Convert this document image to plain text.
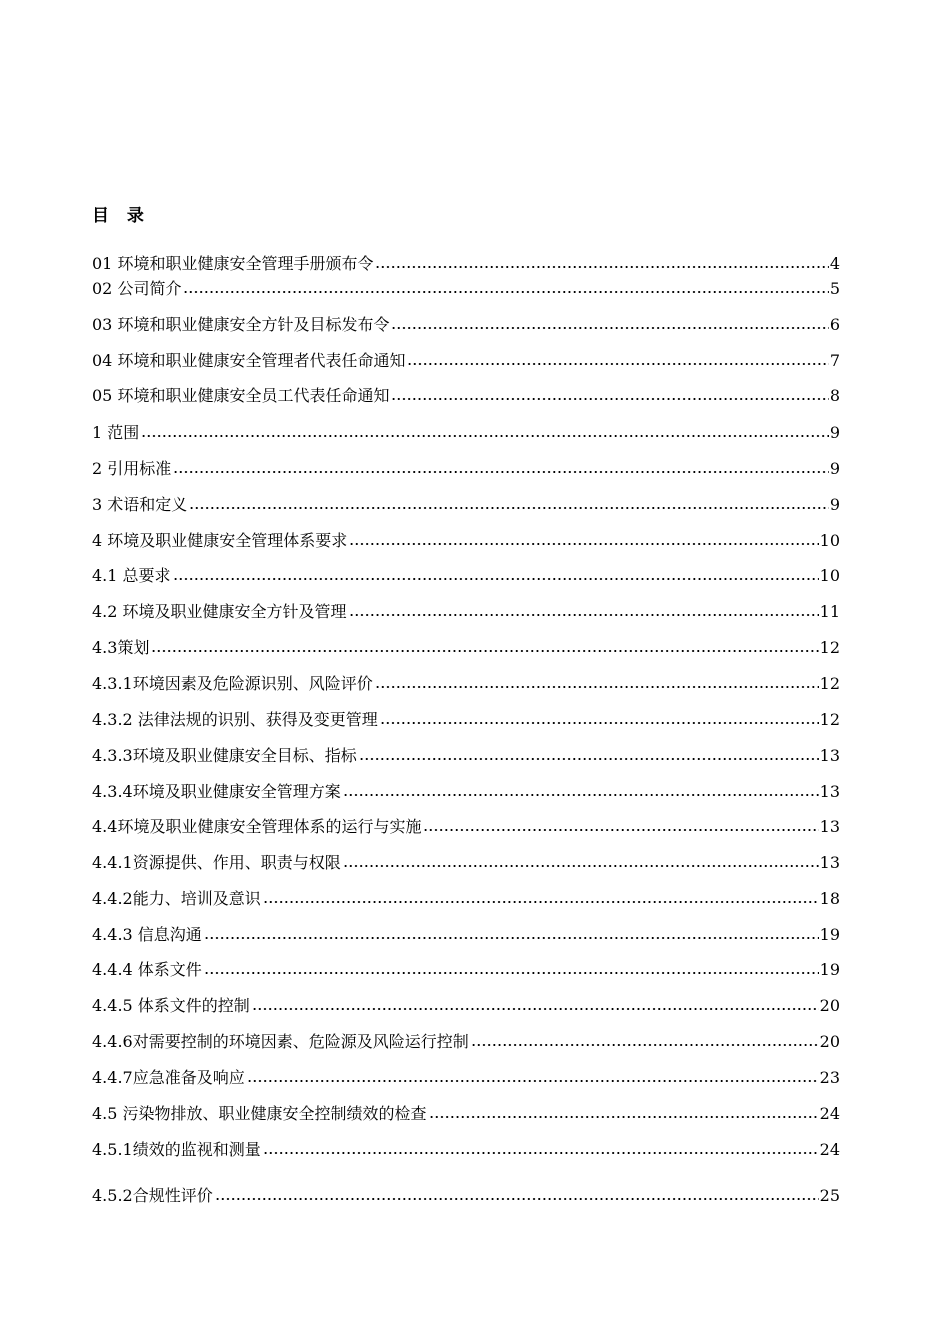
目 录
01 环境和职业健康安全管理手册颁布令	4
02 公司简介	5
03 环境和职业健康安全方针及目标发布令	6
04 环境和职业健康安全管理者代表任命通知	7
05 环境和职业健康安全员工代表任命通知	8
1 范围	9
2 引用标准	9
3 术语和定义	9
4 环境及职业健康安全管理体系要求	10
4.1 总要求	10
4.2 环境及职业健康安全方针及管理	11
4.3策划	12
4.3.1环境因素及危险源识别、风险评价	12
4.3.2 法律法规的识别、获得及变更管理	12
4.3.3环境及职业健康安全目标、指标	13
4.3.4环境及职业健康安全管理方案	13
4.4环境及职业健康安全管理体系的运行与实施	13
4.4.1资源提供、作用、职责与权限	13
4.4.2能力、培训及意识	18
4.4.3 信息沟通	19
4.4.4 体系文件	19
4.4.5 体系文件的控制	20
4.4.6对需要控制的环境因素、危险源及风险运行控制	20
4.4.7应急准备及响应	23
4.5 污染物排放、职业健康安全控制绩效的检查	24
4.5.1绩效的监视和测量	24
4.5.2合规性评价	25
